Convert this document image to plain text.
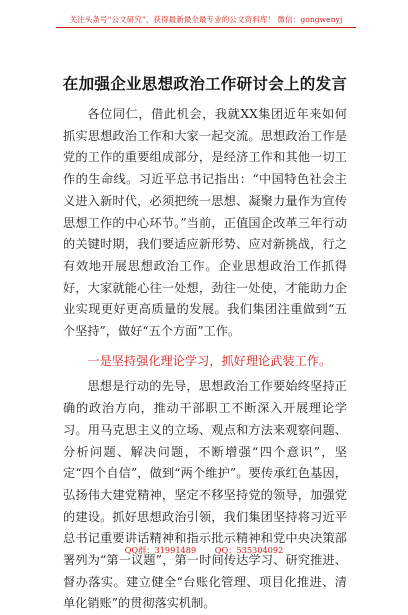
关注头条号“公文研究”，获得最新最全最专业的公文资料库！ 微信：gongwenyj
在加强企业思想政治工作研讨会上的发言

各位同仁，借此机会，我就XX集团近年来如何抓实思想政治工作和大家一起交流。思想政治工作是党的工作的重要组成部分，是经济工作和其他一切工作的生命线。习近平总书记指出：“中国特色社会主义进入新时代，必须把统一思想、凝聚力量作为宣传思想工作的中心环节。”当前，正值国企改革三年行动的关键时期，我们要适应新形势、应对新挑战，行之有效地开展思想政治工作。企业思想政治工作抓得好，大家就能心往一处想，劲往一处使，才能助力企业实现更好更高质量的发展。我们集团注重做到“五个坚持”，做好“五个方面”工作。

一是坚持强化理论学习，抓好理论武装工作。

思想是行动的先导，思想政治工作要始终坚持正确的政治方向，推动干部职工不断深入开展理论学习。用马克思主义的立场、观点和方法来观察问题、分析问题、解决问题，不断增强“四个意识”，坚定“四个自信”，做到“两个维护”。要传承红色基因，弘扬伟大建党精神，坚定不移坚持党的领导，加强党的建设。抓好思想政治引领，我们集团坚持将习近平总书记重要讲话精神和指示批示精神和党中央决策部署列为“第一议题”，第一时间传达学习、研究推进、督办落实。建立健全“台账化管理、项目化推进、清单化销账”的贯彻落实机制。

QQ群：31991489 QQ：535304092
